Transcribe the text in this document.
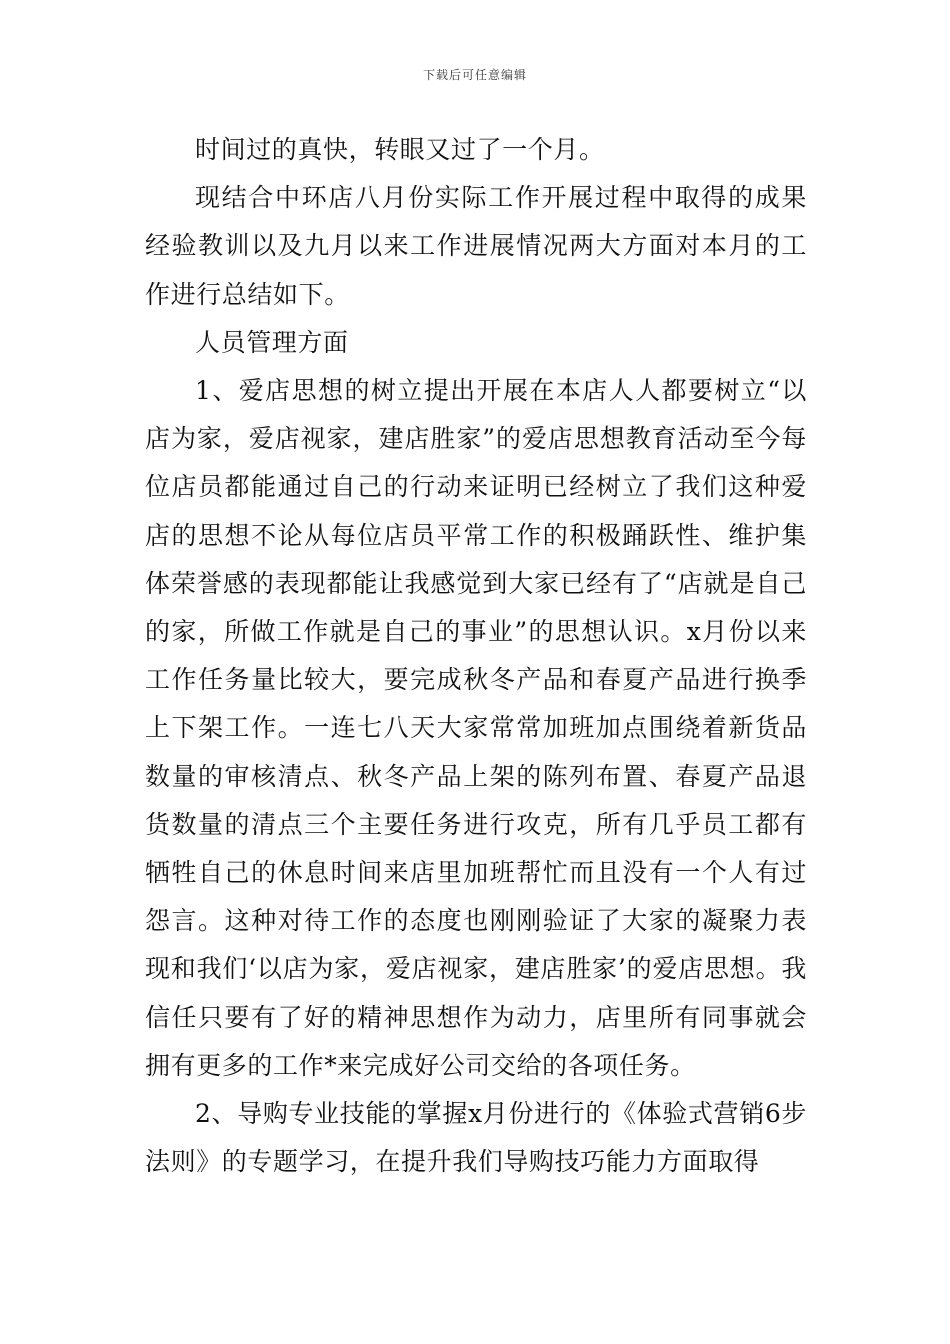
下载后可任意编辑

时间过的真快，转眼又过了一个月。

现结合中环店八月份实际工作开展过程中取得的成果经验教训以及九月以来工作进展情况两大方面对本月的工作进行总结如下。

人员管理方面

1、爱店思想的树立提出开展在本店人人都要树立“以店为家，爱店视家，建店胜家”的爱店思想教育活动至今每位店员都能通过自己的行动来证明已经树立了我们这种爱店的思想不论从每位店员平常工作的积极踊跃性、维护集体荣誉感的表现都能让我感觉到大家已经有了“店就是自己的家，所做工作就是自己的事业”的思想认识。x月份以来工作任务量比较大，要完成秋冬产品和春夏产品进行换季上下架工作。一连七八天大家常常加班加点围绕着新货品数量的审核清点、秋冬产品上架的陈列布置、春夏产品退货数量的清点三个主要任务进行攻克，所有几乎员工都有牺牲自己的休息时间来店里加班帮忙而且没有一个人有过怨言。这种对待工作的态度也刚刚验证了大家的凝聚力表现和我们‘以店为家，爱店视家，建店胜家’的爱店思想。我信任只要有了好的精神思想作为动力，店里所有同事就会拥有更多的工作*来完成好公司交给的各项任务。

2、导购专业技能的掌握x月份进行的《体验式营销6步法则》的专题学习，在提升我们导购技巧能力方面取得
